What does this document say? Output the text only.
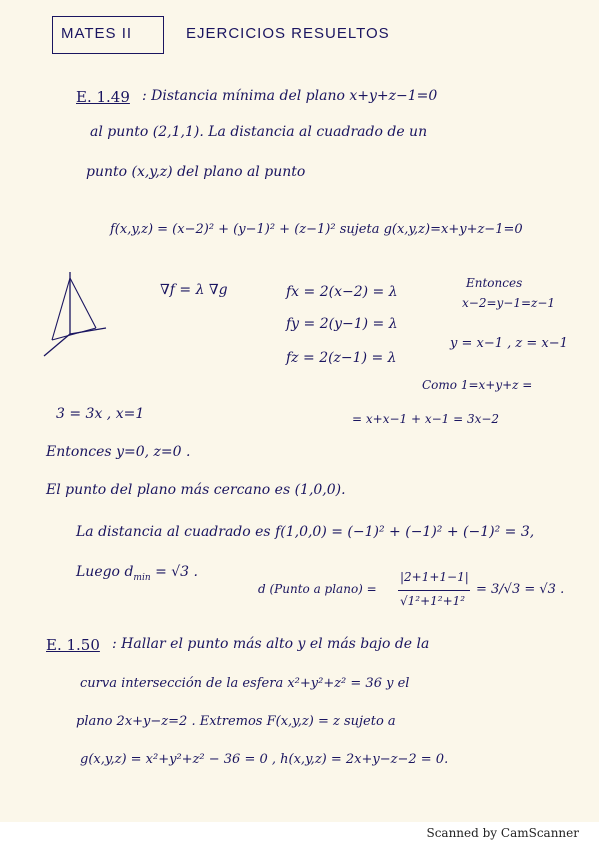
MATES II	EJERCICIOS RESUELTOS
E. 1.49 : Distancia mínima del plano x+y+z−1=0
al punto (2,1,1). La distancia al cuadrado de un
punto (x,y,z) del plano al punto
f(x,y,z) = (x−2)² + (y−1)² + (z−1)² sujeta g(x,y,z)=x+y+z−1=0
∇f = λ ∇g	fx = 2(x−2) = λ
fy = 2(y−1) = λ
fz = 2(z−1) = λ
Entonces
x−2=y−1=z−1
y = x−1 , z = x−1
Como 1=x+y+z =
= x+x−1 + x−1 = 3x−2
3 = 3x , x=1
Entonces y=0, z=0 .
El punto del plano más cercano es (1,0,0).
La distancia al cuadrado es f(1,0,0) = (−1)² + (−1)² + (−1)² = 3,
Luego $d_{min} = √3$ .
d (Punto a plano) =
|2+1+1−1|
√1²+1²+1²
= 3/√3 = √3 .
E. 1.50 : Hallar el punto más alto y el más bajo de la
curva intersección de la esfera x²+y²+z² = 36 y el
plano 2x+y−z=2 . Extremos F(x,y,z) = z sujeto a
g(x,y,z) = x²+y²+z² − 36 = 0 , h(x,y,z) = 2x+y−z−2 = 0.
Scanned by CamScanner
